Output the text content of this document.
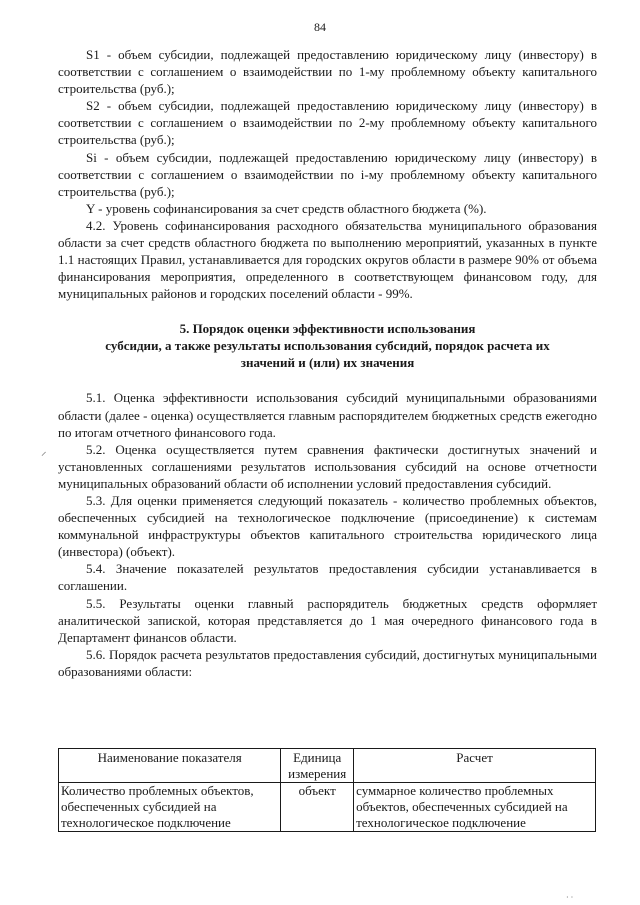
84
⸝

S1 - объем субсидии, подлежащей предоставлению юридическому лицу (инвестору) в соответствии с соглашением о взаимодействии по 1-му проблемному объекту капитального строительства (руб.);

S2 - объем субсидии, подлежащей предоставлению юридическому лицу (инвестору) в соответствии с соглашением о взаимодействии по 2-му проблемному объекту капитального строительства (руб.);

Si - объем субсидии, подлежащей предоставлению юридическому лицу (инвестору) в соответствии с соглашением о взаимодействии по i-му проблемному объекту капитального строительства (руб.);

Y - уровень софинансирования за счет средств областного бюджета (%).

4.2. Уровень софинансирования расходного обязательства муниципального образования области за счет средств областного бюджета по выполнению мероприятий, указанных в пункте 1.1 настоящих Правил, устанавливается для городских округов области в размере 90% от объема финансирования мероприятия, определенного в соответствующем финансовом году, для муниципальных районов и городских поселений области - 99%.

5. Порядок оценки эффективности использования
субсидии, а также результаты использования субсидий, порядок расчета их
значений и (или) их значения

5.1. Оценка эффективности использования субсидий муниципальными образованиями области (далее - оценка) осуществляется главным распорядителем бюджетных средств ежегодно по итогам отчетного финансового года.

5.2. Оценка осуществляется путем сравнения фактически достигнутых значений и установленных соглашениями результатов использования субсидий на основе отчетности муниципальных образований области об исполнении условий предоставления субсидий.

5.3. Для оценки применяется следующий показатель - количество проблемных объектов, обеспеченных субсидией на технологическое подключение (присоединение) к системам коммунальной инфраструктуры объектов капитального строительства юридического лица (инвестора) (объект).

5.4. Значение показателей результатов предоставления субсидии устанавливается в соглашении.

5.5. Результаты оценки главный распорядитель бюджетных средств оформляет аналитической запиской, которая представляется до 1 мая очередного финансового года в Департамент финансов области.

5.6. Порядок расчета результатов предоставления субсидий, достигнутых муниципальными образованиями области:

Наименование показателя	Единица измерения	Расчет
Количество проблемных объектов, обеспеченных субсидией на технологическое подключение	объект	суммарное количество проблемных объектов, обеспеченных субсидией на технологическое подключение
· ·
